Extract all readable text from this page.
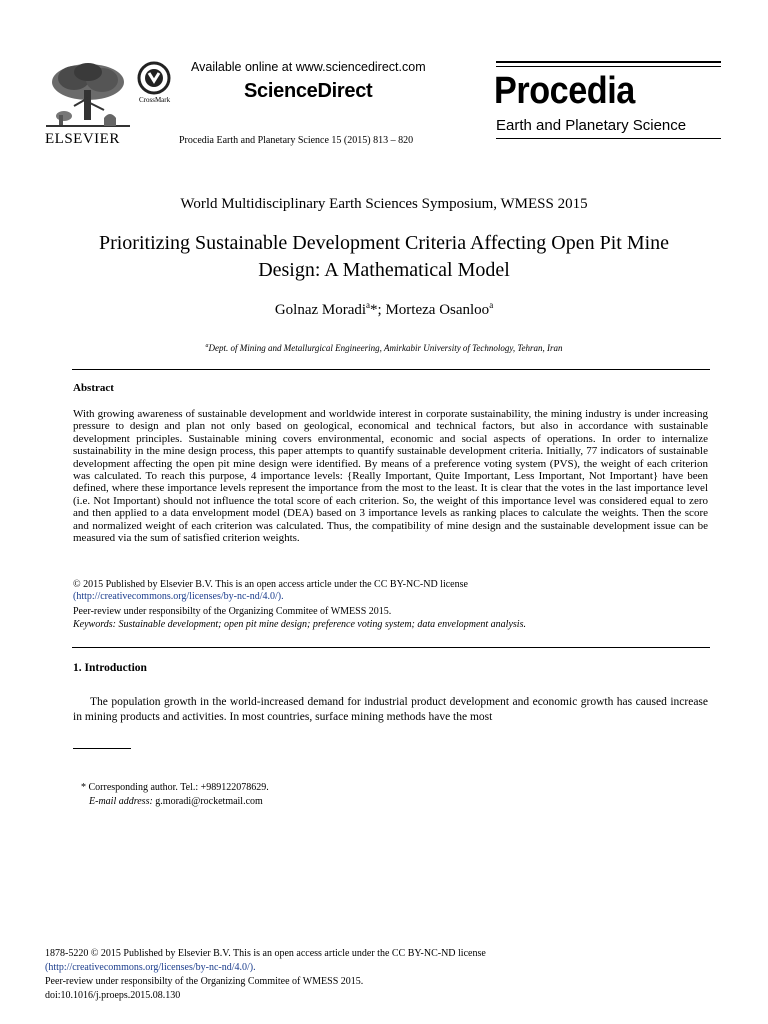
ELSEVIER
CrossMark
Available online at www.sciencedirect.com
ScienceDirect
Procedia Earth and Planetary Science 15 (2015) 813 – 820
Procedia
Earth and Planetary Science
World Multidisciplinary Earth Sciences Symposium, WMESS 2015
Prioritizing Sustainable Development Criteria Affecting Open Pit Mine Design: A Mathematical Model
Golnaz Moradi$^a$*; Morteza Osanloo$^a$
$^a$Dept. of Mining and Metallurgical Engineering, Amirkabir University of Technology, Tehran, Iran
Abstract
With growing awareness of sustainable development and worldwide interest in corporate sustainability, the mining industry is under increasing pressure to design and plan not only based on geological, economical and technical factors, but also in accordance with sustainable development principles. Sustainable mining covers environmental, economic and social aspects of operations. In order to internalize sustainability in the mine design process, this paper attempts to quantify sustainable development criteria. Initially, 77 indicators of sustainable development affecting the open pit mine design were identified. By means of a preference voting system (PVS), the weight of each criterion was calculated. To reach this purpose, 4 importance levels: {Really Important, Quite Important, Less Important, Not Important} have been defined, where these importance levels represent the importance from the most to the least. It is clear that the votes in the last importance level (i.e. Not Important) should not influence the total score of each criterion. So, the weight of this importance level was considered equal to zero and then applied to a data envelopment model (DEA) based on 3 importance levels as ranking places to calculate the weights. Then the score and normalized weight of each criterion was calculated. Thus, the compatibility of mine design and the sustainable development issue can be measured via the sum of satisfied criterion weights.
© 2015 Published by Elsevier B.V. This is an open access article under the CC BY-NC-ND license
(http://creativecommons.org/licenses/by-nc-nd/4.0/).
Peer-review under responsibilty of the Organizing Commitee of WMESS 2015.
Keywords: Sustainable development; open pit mine design; preference voting system; data envelopment analysis.
1. Introduction
The population growth in the world-increased demand for industrial product development and economic growth has caused increase in mining products and activities. In most countries, surface mining methods have the most
* Corresponding author. Tel.: +989122078629.
E-mail address: g.moradi@rocketmail.com
1878-5220 © 2015 Published by Elsevier B.V. This is an open access article under the CC BY-NC-ND license
(http://creativecommons.org/licenses/by-nc-nd/4.0/).
Peer-review under responsibilty of the Organizing Commitee of WMESS 2015.
doi:10.1016/j.proeps.2015.08.130
